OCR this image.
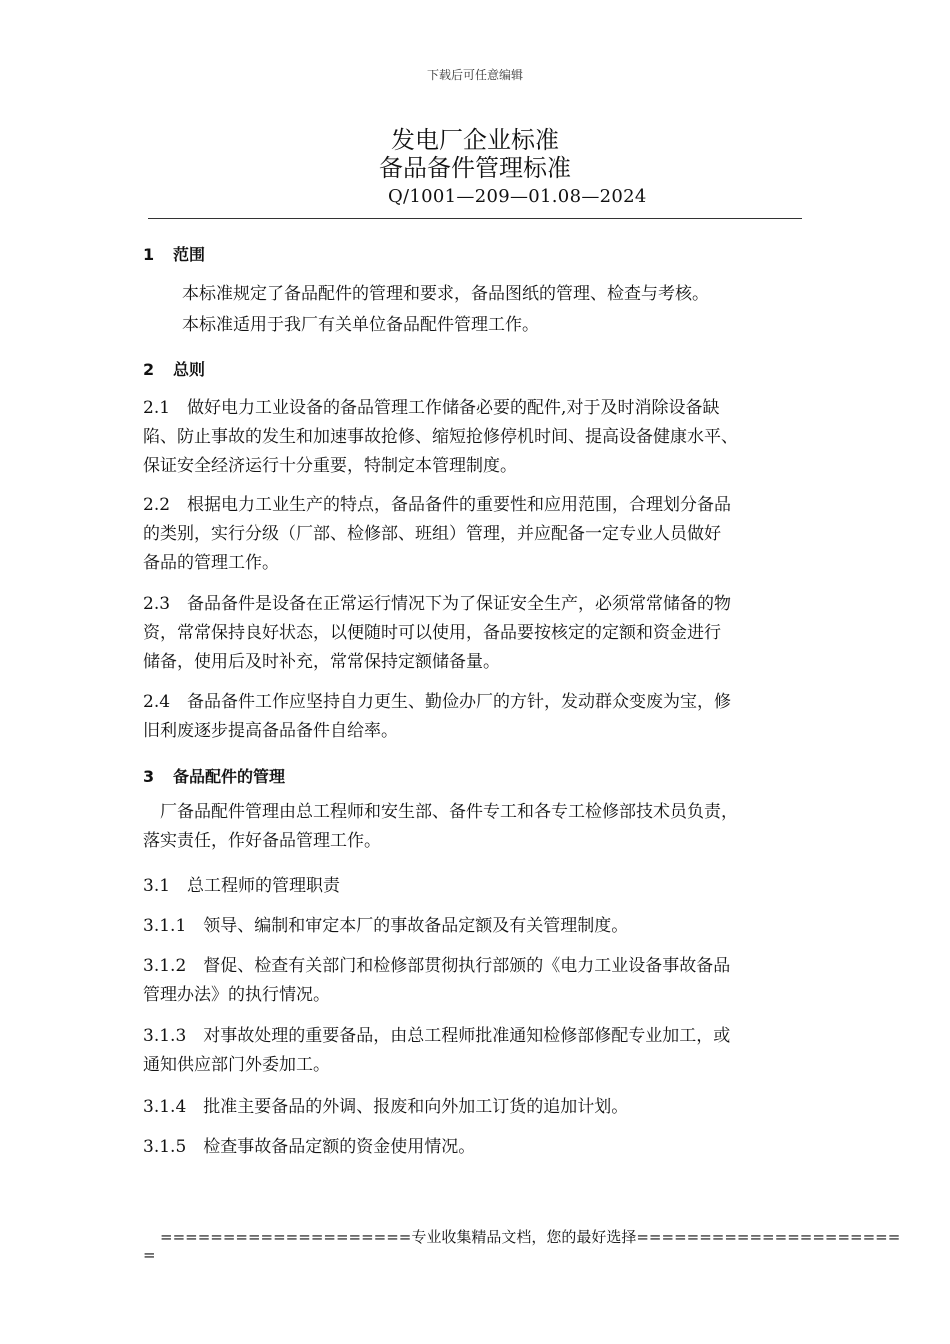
下载后可任意编辑
发电厂企业标准
备品备件管理标准
Q/1001—209—01.08—2024
1 范围
本标准规定了备品配件的管理和要求，备品图纸的管理、检查与考核。
本标准适用于我厂有关单位备品配件管理工作。
2 总则
2.1　做好电力工业设备的备品管理工作储备必要的配件,对于及时消除设备缺
陷、防止事故的发生和加速事故抢修、缩短抢修停机时间、提高设备健康水平、
保证安全经济运行十分重要，特制定本管理制度。
2.2　根据电力工业生产的特点，备品备件的重要性和应用范围，合理划分备品
的类别，实行分级（厂部、检修部、班组）管理，并应配备一定专业人员做好
备品的管理工作。
2.3　备品备件是设备在正常运行情况下为了保证安全生产，必须常常储备的物
资，常常保持良好状态，以便随时可以使用，备品要按核定的定额和资金进行
储备，使用后及时补充，常常保持定额储备量。
2.4　备品备件工作应坚持自力更生、勤俭办厂的方针，发动群众变废为宝，修
旧利废逐步提高备品备件自给率。
3 备品配件的管理
　厂备品配件管理由总工程师和安生部、备件专工和各专工检修部技术员负责，
落实责任，作好备品管理工作。
3.1　总工程师的管理职责
3.1.1　领导、编制和审定本厂的事故备品定额及有关管理制度。
3.1.2　督促、检查有关部门和检修部贯彻执行部颁的《电力工业设备事故备品
管理办法》的执行情况。
3.1.3　对事故处理的重要备品，由总工程师批准通知检修部修配专业加工，或
通知供应部门外委加工。
3.1.4　批准主要备品的外调、报废和向外加工订货的追加计划。
3.1.5　检查事故备品定额的资金使用情况。
====================专业收集精品文档，您的最好选择=====================
=
